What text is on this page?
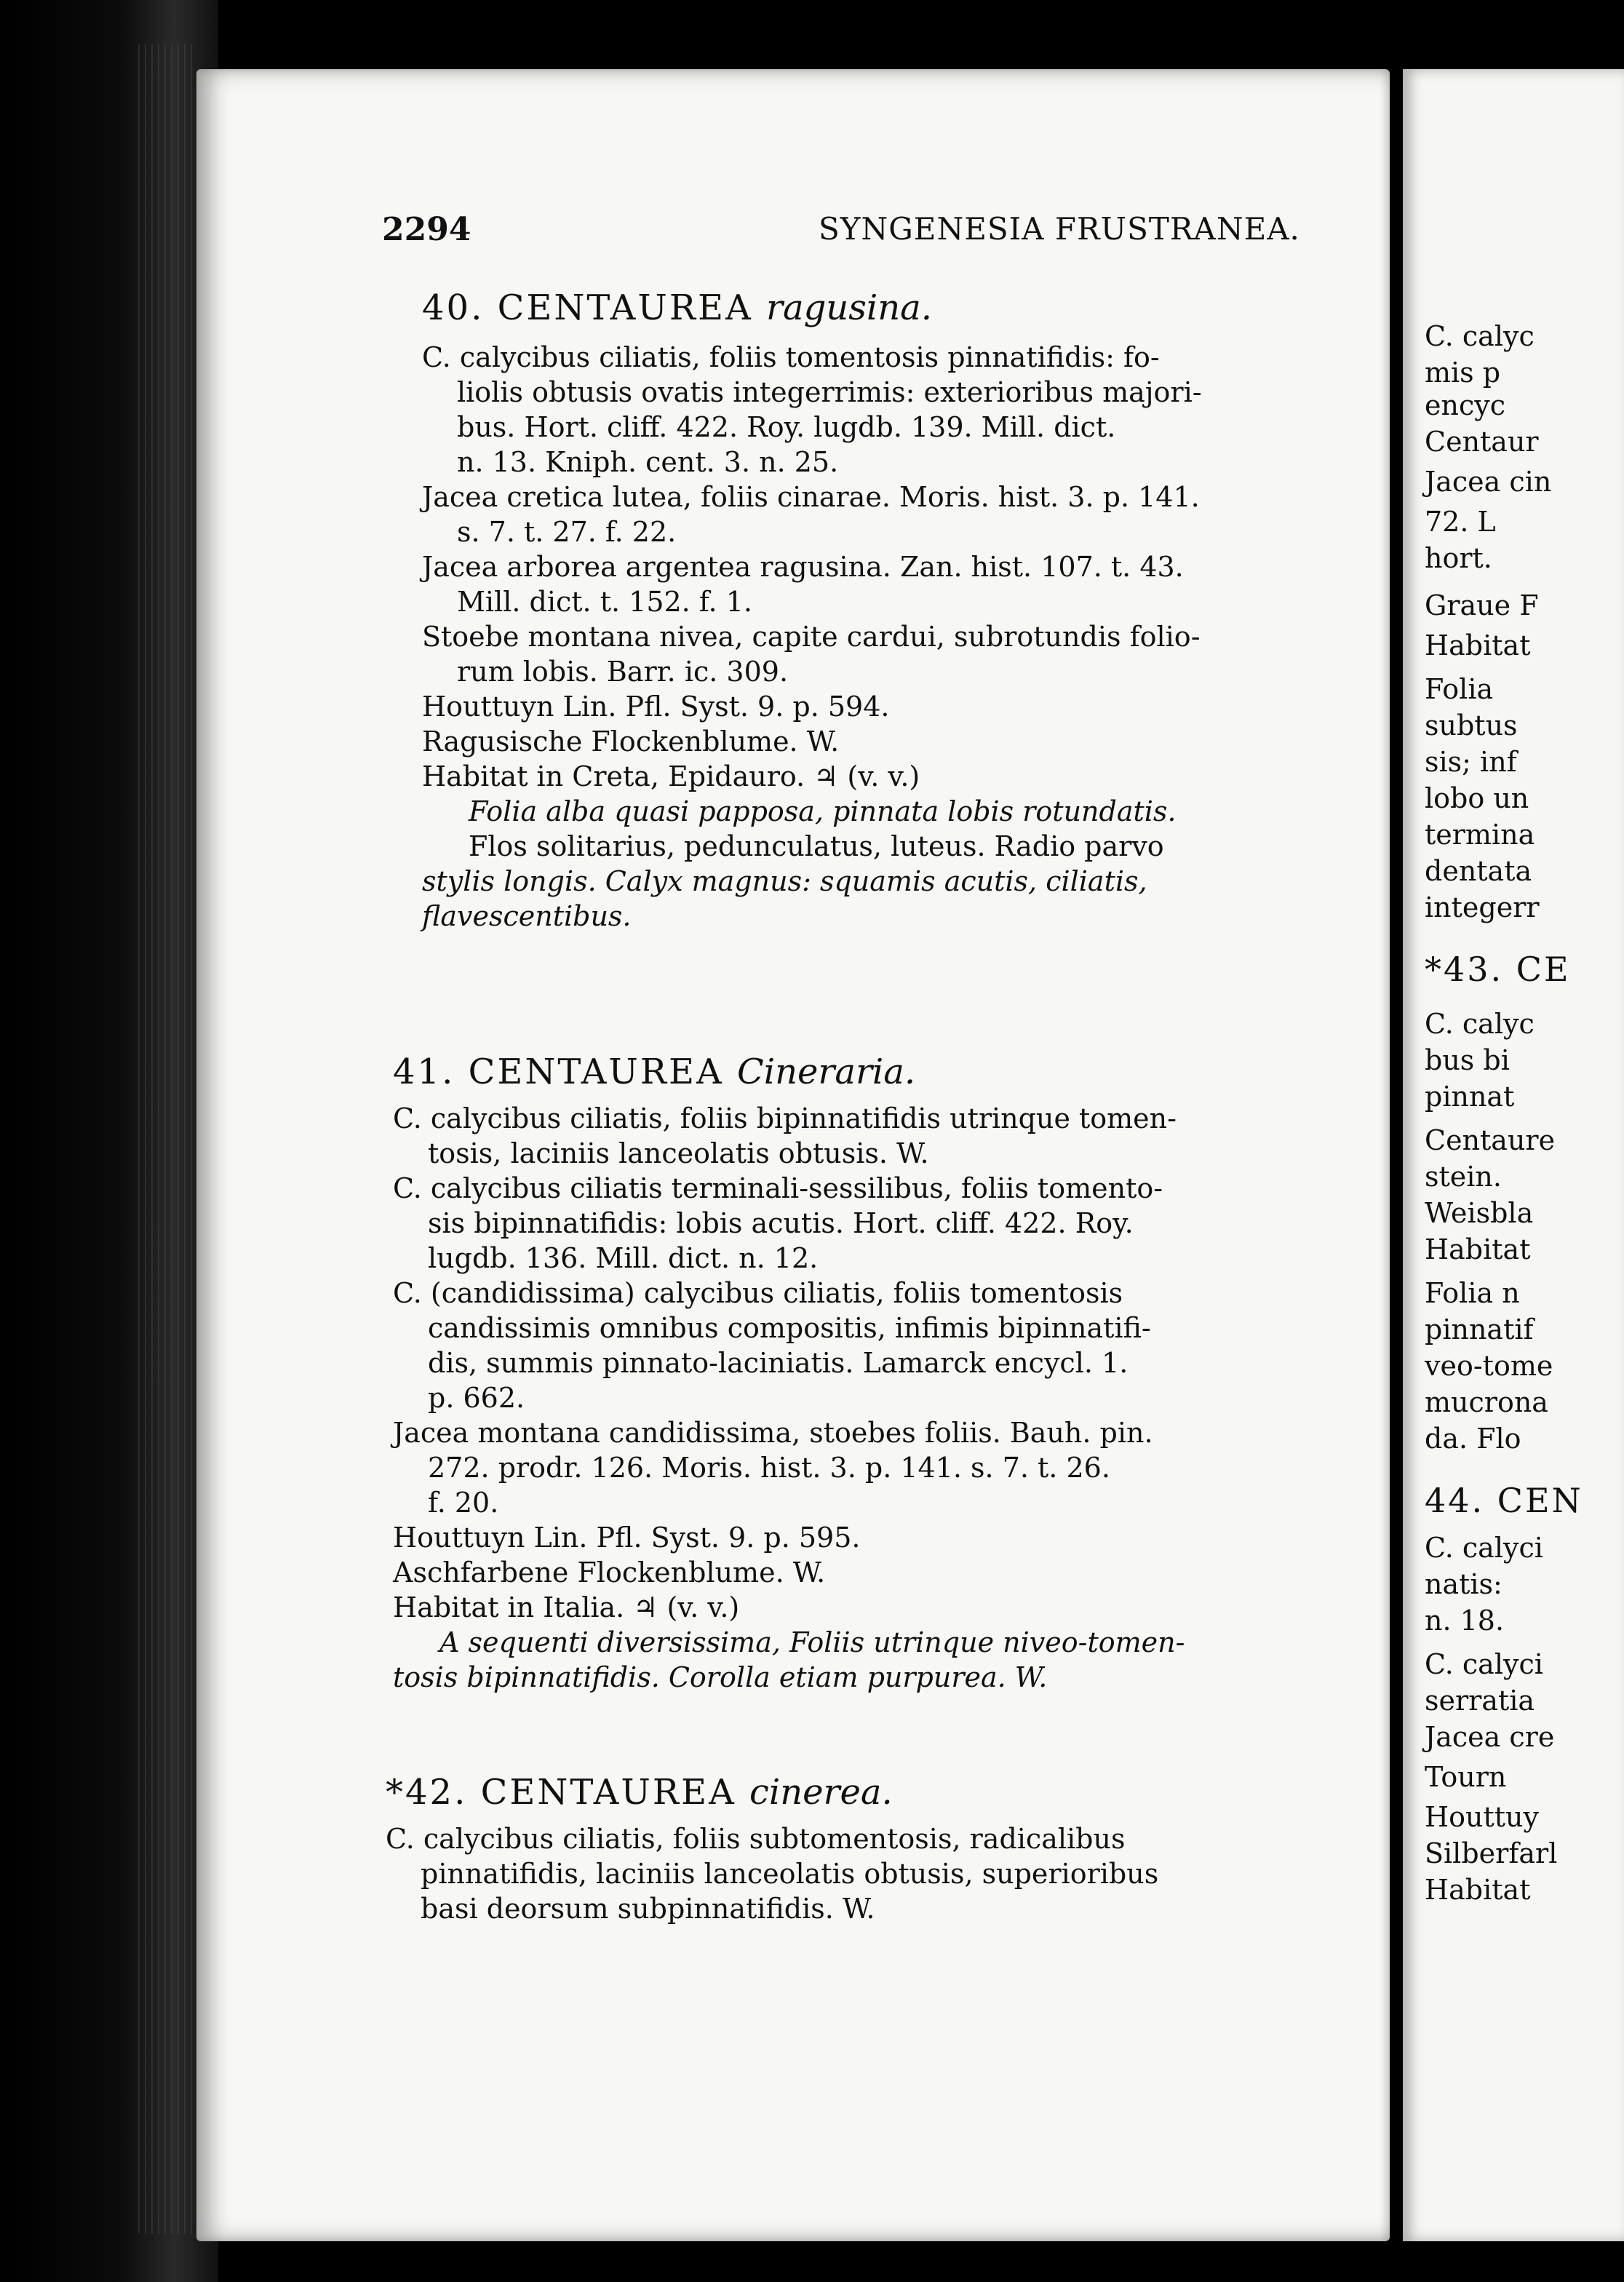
C. calyc
mis p
encyc
Centaur
Jacea cin
72. L
hort.
Graue F
Habitat
Folia
subtus
sis; inf
lobo un
termina
dentata
integerr
*43. CE
C. calyc
bus bi
pinnat
Centaure
stein.
Weisbla
Habitat
Folia n
pinnatif
veo-tome
mucrona
da. Flo
44. CEN
C. calyci
natis:
n. 18.
C. calyci
serratia
Jacea cre
Tourn
Houttuy
Silberfarl
Habitat
2294	SYNGENESIA FRUSTRANEA.

40. CENTAUREA ragusina.

C. calycibus ciliatis, foliis tomentosis pinnatifidis: fo-

liolis obtusis ovatis integerrimis: exterioribus majori-

bus. Hort. cliff. 422. Roy. lugdb. 139. Mill. dict.

n. 13. Kniph. cent. 3. n. 25.

Jacea cretica lutea, foliis cinarae. Moris. hist. 3. p. 141.

s. 7. t. 27. f. 22.

Jacea arborea argentea ragusina. Zan. hist. 107. t. 43.

Mill. dict. t. 152. f. 1.

Stoebe montana nivea, capite cardui, subrotundis folio-

rum lobis. Barr. ic. 309.

Houttuyn Lin. Pfl. Syst. 9. p. 594.

Ragusische Flockenblume. W.

Habitat in Creta, Epidauro. ♃ (v. v.)

Folia alba quasi papposa, pinnata lobis rotundatis.

Flos solitarius, pedunculatus, luteus. Radio parvo

stylis longis. Calyx magnus: squamis acutis, ciliatis,

flavescentibus.

41. CENTAUREA Cineraria.

C. calycibus ciliatis, foliis bipinnatifidis utrinque tomen-

tosis, laciniis lanceolatis obtusis. W.

C. calycibus ciliatis terminali-sessilibus, foliis tomento-

sis bipinnatifidis: lobis acutis. Hort. cliff. 422. Roy.

lugdb. 136. Mill. dict. n. 12.

C. (candidissima) calycibus ciliatis, foliis tomentosis

candissimis omnibus compositis, infimis bipinnatifi-

dis, summis pinnato-laciniatis. Lamarck encycl. 1.

p. 662.

Jacea montana candidissima, stoebes foliis. Bauh. pin.

272. prodr. 126. Moris. hist. 3. p. 141. s. 7. t. 26.

f. 20.

Houttuyn Lin. Pfl. Syst. 9. p. 595.

Aschfarbene Flockenblume. W.

Habitat in Italia. ♃ (v. v.)

A sequenti diversissima, Foliis utrinque niveo-tomen-

tosis bipinnatifidis. Corolla etiam purpurea. W.

*42. CENTAUREA cinerea.

C. calycibus ciliatis, foliis subtomentosis, radicalibus

pinnatifidis, laciniis lanceolatis obtusis, superioribus

basi deorsum subpinnatifidis. W.
